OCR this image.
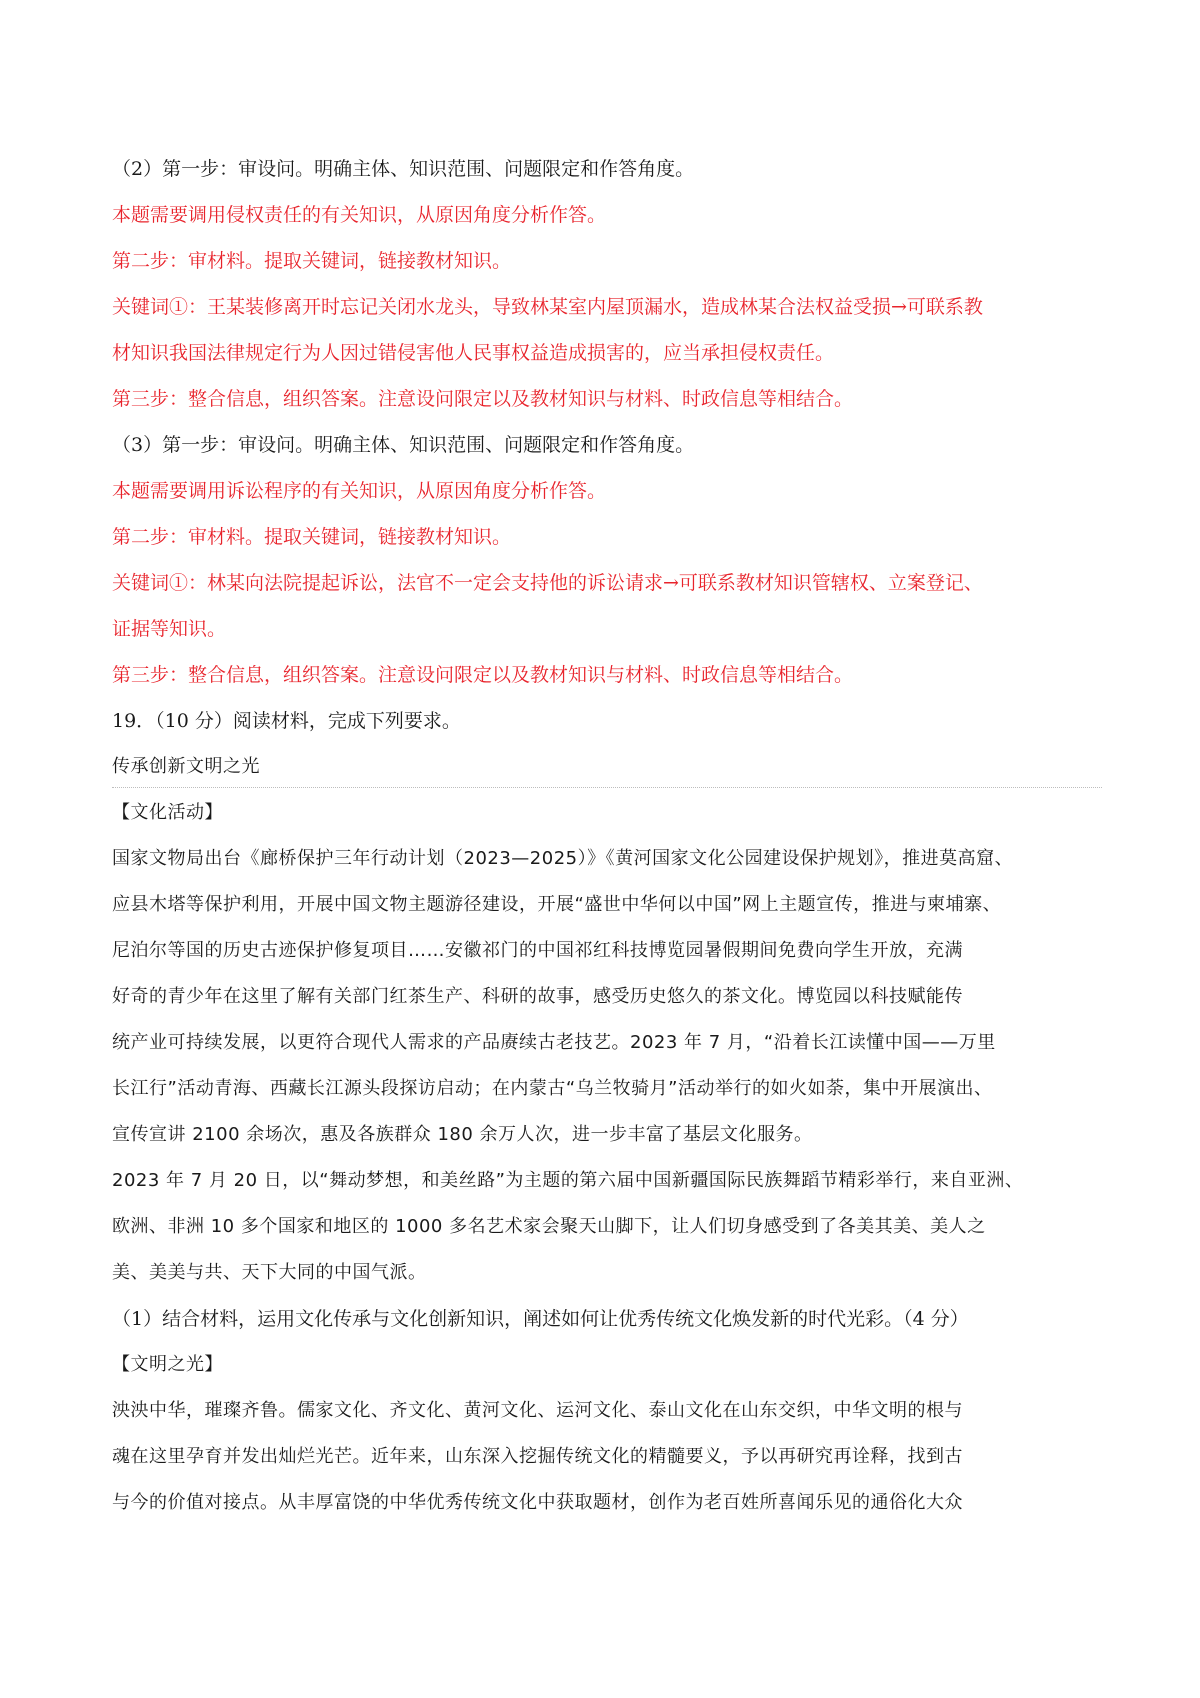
（2）第一步：审设问。明确主体、知识范围、问题限定和作答角度。
本题需要调用侵权责任的有关知识，从原因角度分析作答。
第二步：审材料。提取关键词，链接教材知识。
关键词①：王某装修离开时忘记关闭水龙头，导致林某室内屋顶漏水，造成林某合法权益受损→可联系教
材知识我国法律规定行为人因过错侵害他人民事权益造成损害的，应当承担侵权责任。
第三步：整合信息，组织答案。注意设问限定以及教材知识与材料、时政信息等相结合。
（3）第一步：审设问。明确主体、知识范围、问题限定和作答角度。
本题需要调用诉讼程序的有关知识，从原因角度分析作答。
第二步：审材料。提取关键词，链接教材知识。
关键词①：林某向法院提起诉讼，法官不一定会支持他的诉讼请求→可联系教材知识管辖权、立案登记、
证据等知识。
第三步：整合信息，组织答案。注意设问限定以及教材知识与材料、时政信息等相结合。
19．（10 分）阅读材料，完成下列要求。
传承创新文明之光
【文化活动】
国家文物局出台《廊桥保护三年行动计划（2023—2025）》《黄河国家文化公园建设保护规划》，推进莫高窟、
应县木塔等保护利用，开展中国文物主题游径建设，开展“盛世中华何以中国”网上主题宣传，推进与柬埔寨、
尼泊尔等国的历史古迹保护修复项目……安徽祁门的中国祁红科技博览园暑假期间免费向学生开放，充满
好奇的青少年在这里了解有关部门红茶生产、科研的故事，感受历史悠久的茶文化。博览园以科技赋能传
统产业可持续发展，以更符合现代人需求的产品赓续古老技艺。2023 年 7 月，“沿着长江读懂中国——万里
长江行”活动青海、西藏长江源头段探访启动；在内蒙古“乌兰牧骑月”活动举行的如火如荼，集中开展演出、
宣传宣讲 2100 余场次，惠及各族群众 180 余万人次，进一步丰富了基层文化服务。
2023 年 7 月 20 日，以“舞动梦想，和美丝路”为主题的第六届中国新疆国际民族舞蹈节精彩举行，来自亚洲、
欧洲、非洲 10 多个国家和地区的 1000 多名艺术家会聚天山脚下，让人们切身感受到了各美其美、美人之
美、美美与共、天下大同的中国气派。
（1）结合材料，运用文化传承与文化创新知识，阐述如何让优秀传统文化焕发新的时代光彩。（4 分）
【文明之光】
泱泱中华，璀璨齐鲁。儒家文化、齐文化、黄河文化、运河文化、泰山文化在山东交织，中华文明的根与
魂在这里孕育并发出灿烂光芒。近年来，山东深入挖掘传统文化的精髓要义，予以再研究再诠释，找到古
与今的价值对接点。从丰厚富饶的中华优秀传统文化中获取题材，创作为老百姓所喜闻乐见的通俗化大众
